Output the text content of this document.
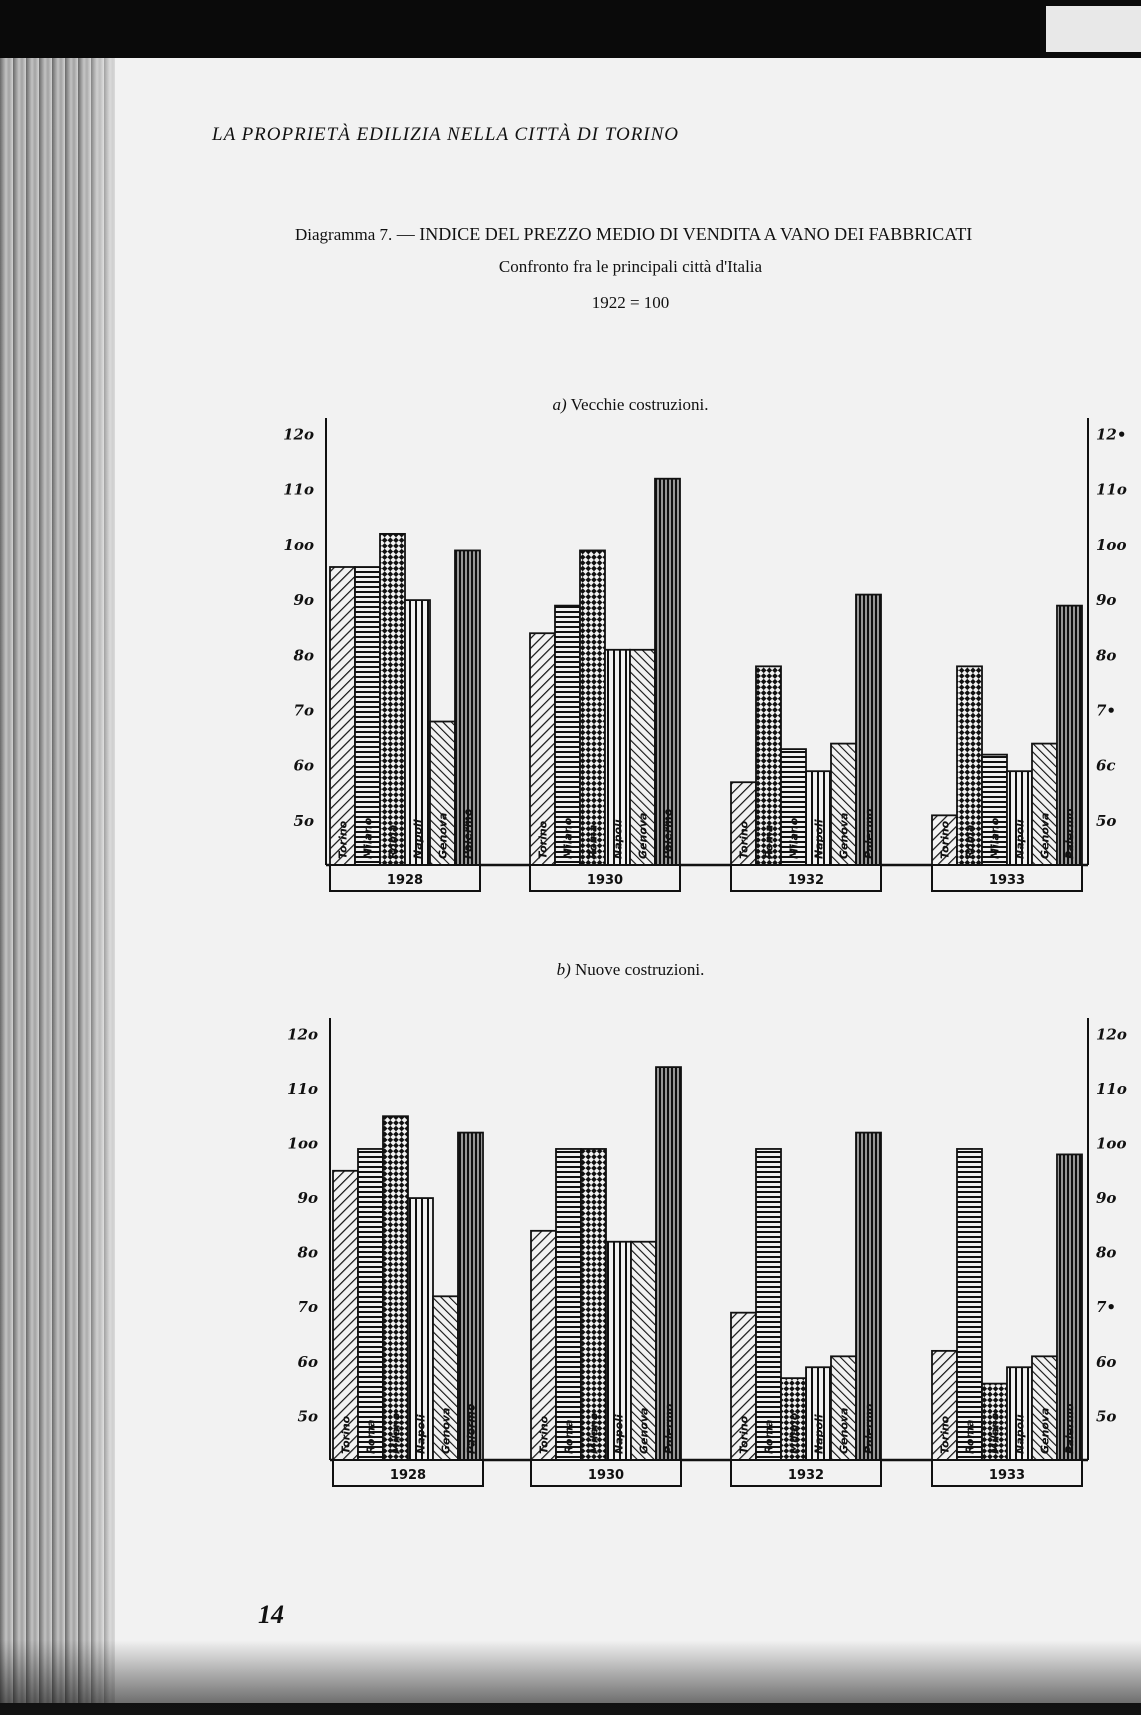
LA PROPRIETÀ EDILIZIA NELLA CITTÀ DI TORINO
Diagramma 7. — INDICE DEL PREZZO MEDIO DI VENDITA A VANO DEI FABBRICATI
Confronto fra le principali città d'Italia
1922 = 100
a) Vecchie costruzioni.
b) Nuove costruzioni.
5o	5o
6o	6c
7o	7•
8o	8o
9o	9o
1oo	1oo
11o	11o
12o	12•
Torino Milano Roma Napoli Genova Palermo
1928
Torino Milano Roma Napoli Genova Palermo
1930
Torino Roma Milano Napoli Genova Palermo
1932
Torino Roma Milano Napoli Genova Palermo
1933
5o	5o
6o	6o
7o	7•
8o	8o
9o	9o
1oo	1oo
11o	11o
12o	12o
Torino Roma Milano Napoli Genova Palermo
1928
Torino Roma Milano Napoli Genova Palermo
1930
Torino Roma Milano Napoli Genova Palermo
1932
Torino Roma Milano Napoli Genova Palermo
1933
14
